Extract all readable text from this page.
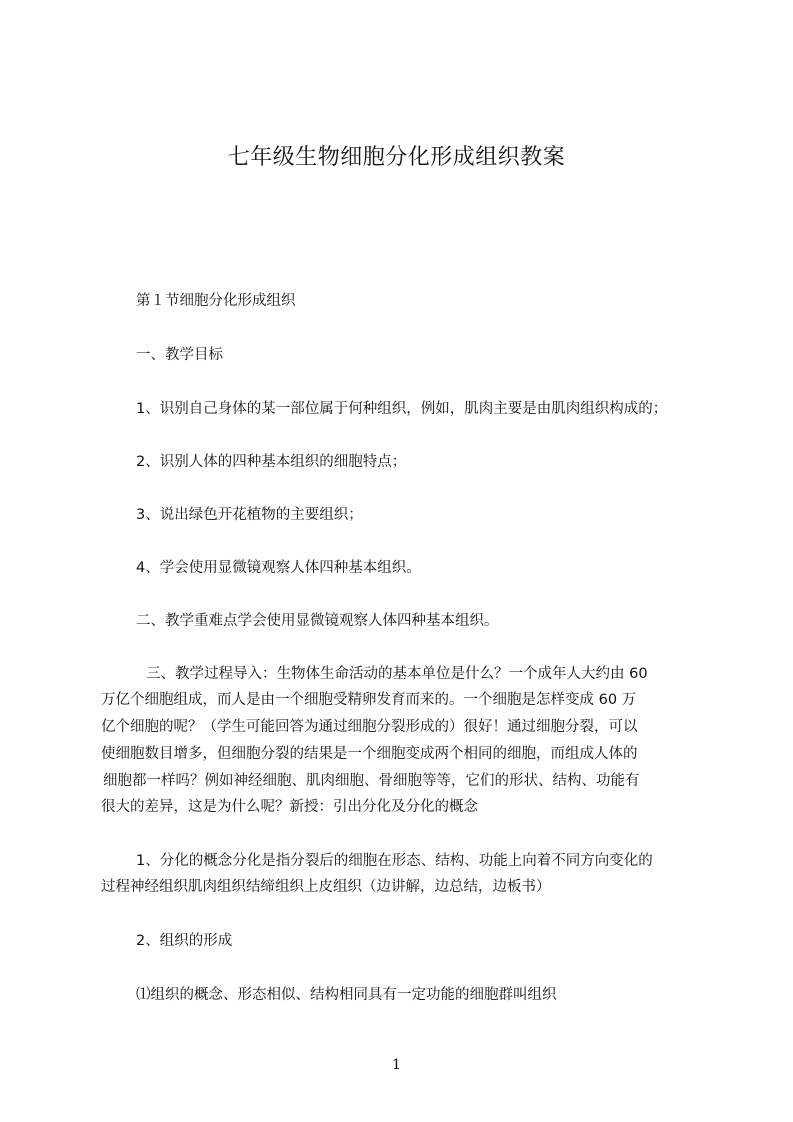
七年级生物细胞分化形成组织教案

第１节细胞分化形成组织

一、教学目标

1、识别自己身体的某一部位属于何种组织，例如，肌肉主要是由肌肉组织构成的；

2、识别人体的四种基本组织的细胞特点；

3、说出绿色开花植物的主要组织；

4、学会使用显微镜观察人体四种基本组织。

二、教学重难点学会使用显微镜观察人体四种基本组织。

三、教学过程导入：生物体生命活动的基本单位是什么？一个成年人大约由 60

万亿个细胞组成，而人是由一个细胞受精卵发育而来的。一个细胞是怎样变成 60 万

亿个细胞的呢？（学生可能回答为通过细胞分裂形成的）很好！通过细胞分裂，可以

使细胞数目增多，但细胞分裂的结果是一个细胞变成两个相同的细胞，而组成人体的

细胞都一样吗？例如神经细胞、肌肉细胞、骨细胞等等，它们的形状、结构、功能有

很大的差异，这是为什么呢？新授：引出分化及分化的概念

1、分化的概念分化是指分裂后的细胞在形态、结构、功能上向着不同方向变化的

过程神经组织肌肉组织结缔组织上皮组织（边讲解，边总结，边板书）

2、组织的形成

⑴组织的概念、形态相似、结构相同具有一定功能的细胞群叫组织

1
